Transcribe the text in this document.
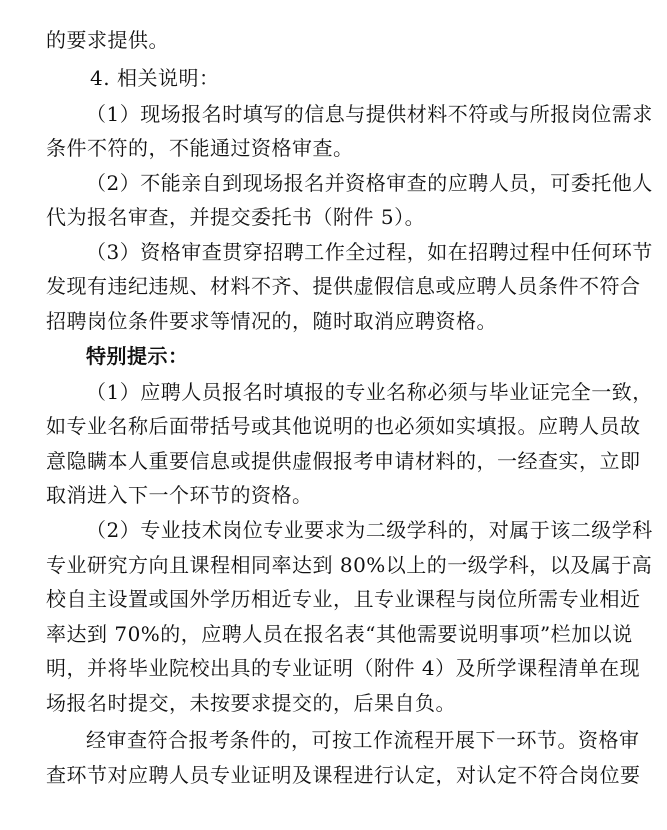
的要求提供。
4. 相关说明：
（1）现场报名时填写的信息与提供材料不符或与所报岗位需求
条件不符的，不能通过资格审查。
（2）不能亲自到现场报名并资格审查的应聘人员，可委托他人
代为报名审查，并提交委托书（附件 5）。
（3）资格审查贯穿招聘工作全过程，如在招聘过程中任何环节
发现有违纪违规、材料不齐、提供虚假信息或应聘人员条件不符合
招聘岗位条件要求等情况的，随时取消应聘资格。
特别提示：
（1）应聘人员报名时填报的专业名称必须与毕业证完全一致，
如专业名称后面带括号或其他说明的也必须如实填报。应聘人员故
意隐瞒本人重要信息或提供虚假报考申请材料的，一经查实，立即
取消进入下一个环节的资格。
（2）专业技术岗位专业要求为二级学科的，对属于该二级学科
专业研究方向且课程相同率达到 80%以上的一级学科，以及属于高
校自主设置或国外学历相近专业，且专业课程与岗位所需专业相近
率达到 70%的，应聘人员在报名表“其他需要说明事项”栏加以说
明，并将毕业院校出具的专业证明（附件 4）及所学课程清单在现
场报名时提交，未按要求提交的，后果自负。
经审查符合报考条件的，可按工作流程开展下一环节。资格审
查环节对应聘人员专业证明及课程进行认定，对认定不符合岗位要
